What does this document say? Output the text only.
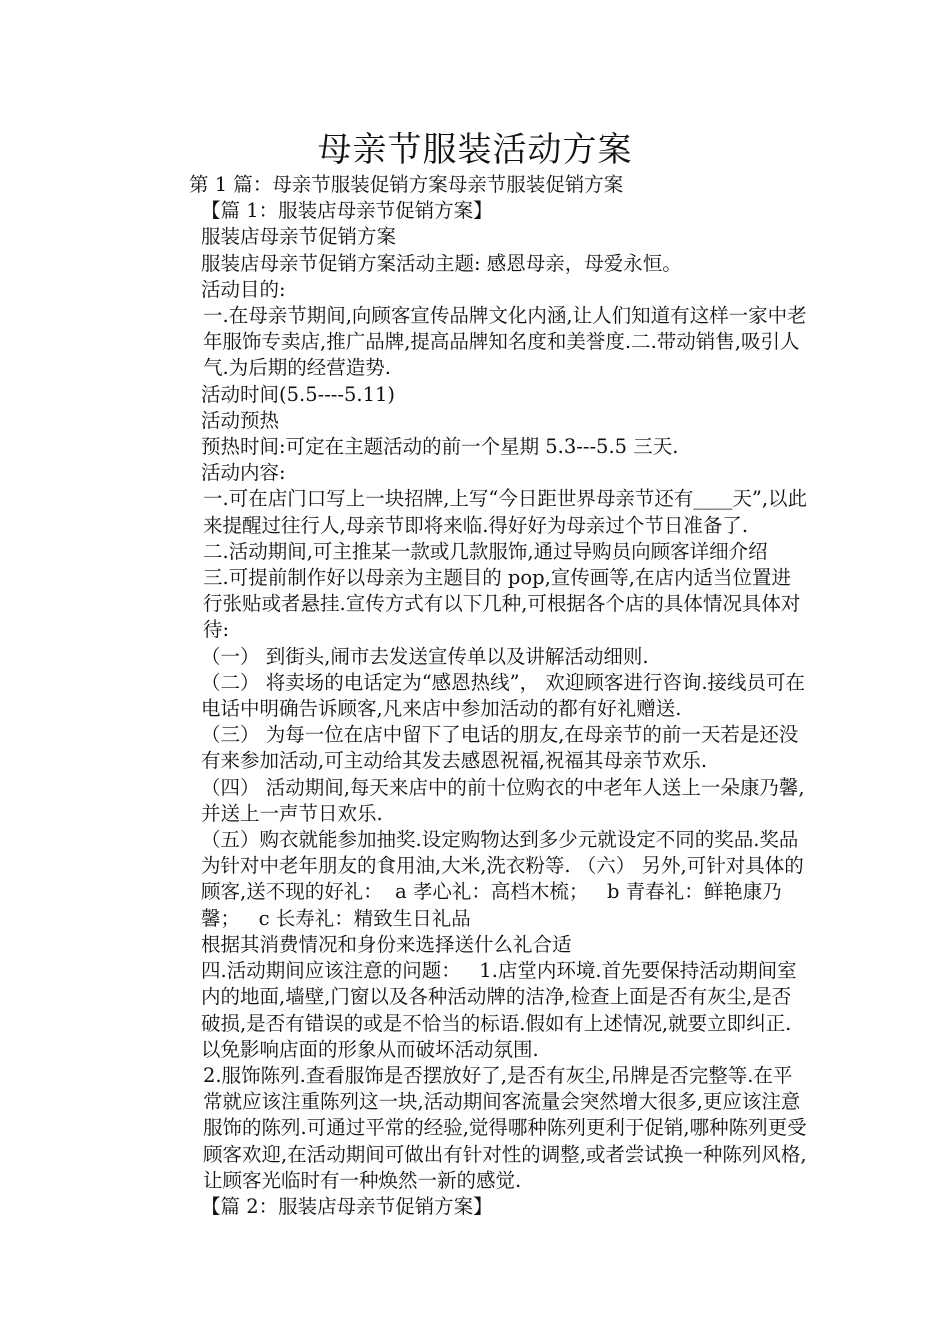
母亲节服装活动方案

第 1 篇：母亲节服装促销方案母亲节服装促销方案

【篇 1：服装店母亲节促销方案】

服装店母亲节促销方案

服装店母亲节促销方案活动主题: 感恩母亲，母爱永恒。

活动目的:

一.在母亲节期间,向顾客宣传品牌文化内涵,让人们知道有这样一家中老年服饰专卖店,推广品牌,提高品牌知名度和美誉度.二.带动销售,吸引人气.为后期的经营造势.

活动时间(5.5----5.11)

活动预热

预热时间:可定在主题活动的前一个星期 5.3---5.5 三天.

活动内容:

一.可在店门口写上一块招牌,上写“今日距世界母亲节还有____天”,以此来提醒过往行人,母亲节即将来临.得好好为母亲过个节日准备了.

二.活动期间,可主推某一款或几款服饰,通过导购员向顾客详细介绍

三.可提前制作好以母亲为主题目的 pop,宣传画等,在店内适当位置进行张贴或者悬挂.宣传方式有以下几种,可根据各个店的具体情况具体对待:

（一） 到街头,闹市去发送宣传单以及讲解活动细则.

（二） 将卖场的电话定为“感恩热线”， 欢迎顾客进行咨询.接线员可在电话中明确告诉顾客,凡来店中参加活动的都有好礼赠送.

（三） 为每一位在店中留下了电话的朋友,在母亲节的前一天若是还没有来参加活动,可主动给其发去感恩祝福,祝福其母亲节欢乐.

（四） 活动期间,每天来店中的前十位购衣的中老年人送上一朵康乃馨,并送上一声节日欢乐.

（五）购衣就能参加抽奖.设定购物达到多少元就设定不同的奖品.奖品为针对中老年朋友的食用油,大米,洗衣粉等. （六） 另外,可针对具体的顾客,送不现的好礼：  a 孝心礼：高档木梳；   b 青春礼：鲜艳康乃馨；   c 长寿礼：精致生日礼品

根据其消费情况和身份来选择送什么礼合适

四.活动期间应该注意的问题：   1.店堂内环境.首先要保持活动期间室内的地面,墙壁,门窗以及各种活动牌的洁净,检查上面是否有灰尘,是否破损,是否有错误的或是不恰当的标语.假如有上述情况,就要立即纠正.以免影响店面的形象从而破坏活动氛围.

2.服饰陈列.查看服饰是否摆放好了,是否有灰尘,吊牌是否完整等.在平常就应该注重陈列这一块,活动期间客流量会突然增大很多,更应该注意服饰的陈列.可通过平常的经验,觉得哪种陈列更利于促销,哪种陈列更受顾客欢迎,在活动期间可做出有针对性的调整,或者尝试换一种陈列风格,让顾客光临时有一种焕然一新的感觉.

【篇 2：服装店母亲节促销方案】
